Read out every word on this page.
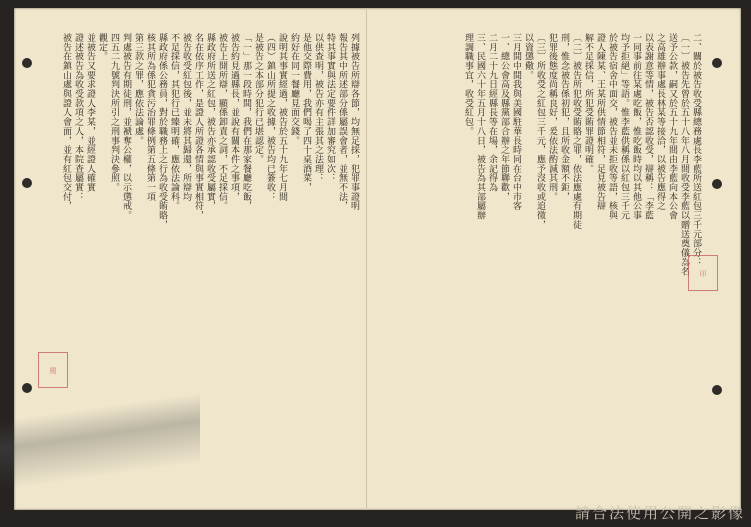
二、關於被告收受縣總務處長李藍所送紅包三千元部分：
〔一〕被告先曾於五十八年八月間收受李藍以贈送奠儀為名
送予公款，嗣又於五十九年間由李藍向本公會
之高雄辦事處長林某等接洽，以被告應得之
以表謝意等情，被告否認收受，辯稱：「李藍
一同事前往某處吃飯，惟吃飯時均以其他公事
均予拒絕」等語。惟李藍供稱係以紅包三千元
於被告宿舍中面交，被告並未拒收等語，核與
證人陳某、王某所供情節相符，足見被告辯
解不足採信，所犯受賄罪證明確。
〔二〕被告所犯收受賄賂之罪，依法應處有期徒
刑，惟念被告係初犯，且所收金額不鉅，
犯罪後態度尚稱良好，爰依法酌減其刑。
〔三〕所收受之紅包三千元，應予沒收或追徵，
以資懲儆。
三月間中間我與美國駐華長時同在台中市客
一、總公會高及縣黨部合辦之年節聯歡，
二月二十九日經縣長等在場，余記得為
三、民國六十年五月十八日，被告為其部屬辦
理調職事宜，收受紅包。
列據被告所辯各節，均無足採，犯罪事證明
報告其中所述部分係屬誤會者，並無不法，
特其事實與法定要件詳加審究如次：
以供查明，被告亦有主張其之法理：
是他交際費用，我們喝了四十桌酒菜，
約好在同一餐廳見面交錢。
說明其事實經過，被告於五十九年七月間
（四）鎮山所提之收據，被告均已簽收：
是被告之本部分犯行已堪認定。
「一」那一段時間，我們在那家餐廳吃飯，
被告約見過縣長，並說有關本件之事項，
被告上開所辯，顯係卸責之詞，不足採信。
縣政府所送之紅包，被告亦承認收受屬實，
名在依序工作，是證人所證各情與事實相符，
被告收受紅包後，並未將其歸還，所辯均
不足採信，其犯行已臻明確，應依法論科。
縣政府係公務員，對於職務上之行為收受賄賂，
核其所為係犯貪污治罪條例第五條第一項
第三款之罪，應依法論處。
判處被告有期徒刑，並褫奪公權，以示懲戒。
四五二九號判決所引之刑事判決參照。
觀定。
並被告又要求證人李某，並經證人確實
證述被告為收受款項之人，本院查屬實：
被告在鎮山處與證人會面，並有紅包交付，
印
閱
請合法使用公開之影像
